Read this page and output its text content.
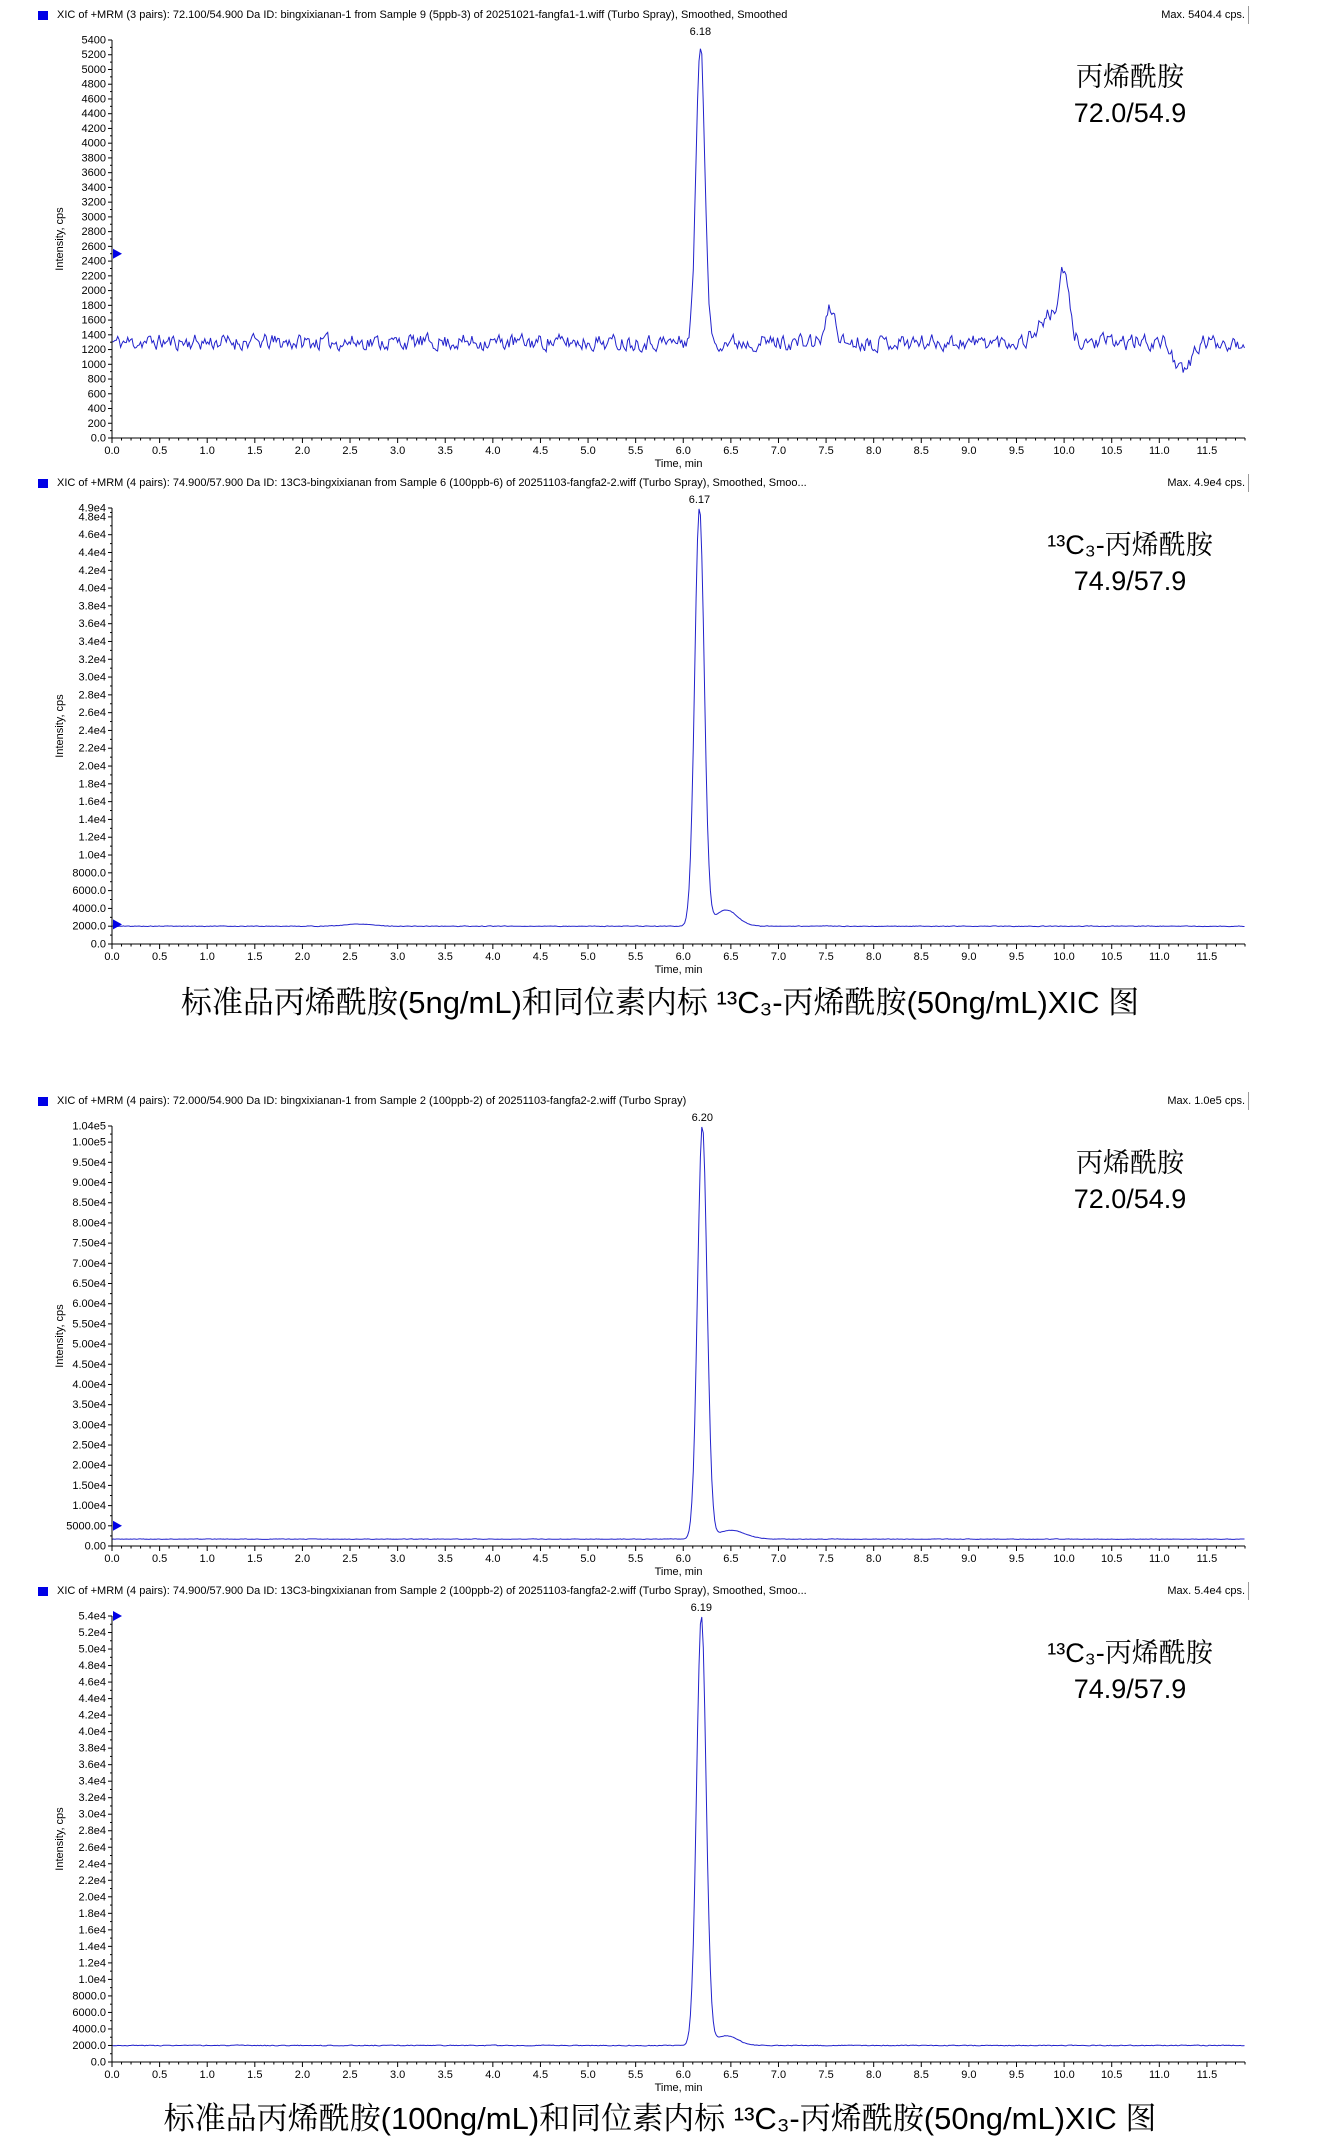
XIC of +MRM (3 pairs): 72.100/54.900 Da ID: bingxixianan-1 from Sample 9 (5ppb-3) of 20251021-fangfa1-1.wiff (Turbo Spray), Smoothed, Smoothed	Max. 5404.4 cps.
5400
5200
5000
4800
4600
4400
4200
4000
3800
3600
3400
3200
3000
2800
2600
2400
2200
2000
1800
1600
1400
1200
1000
800
600
400
200
0.0
0.0	0.5	1.0	1.5	2.0	2.5	3.0	3.5	4.0	4.5	5.0	5.5	6.0	6.5	7.0	7.5	8.0	8.5	9.0	9.5	10.0 10.5 11.0 11.5
Time, min
Intensity, cps
6.18
丙烯酰胺
72.0/54.9
XIC of +MRM (4 pairs): 74.900/57.900 Da ID: 13C3-bingxixianan from Sample 6 (100ppb-6) of 20251103-fangfa2-2.wiff (Turbo Spray), Smoothed, Smoo...	Max. 4.9e4 cps.
4.9e4
4.8e4
4.6e4
4.4e4
4.2e4
4.0e4
3.8e4
3.6e4
3.4e4
3.2e4
3.0e4
2.8e4
2.6e4
2.4e4
2.2e4
2.0e4
1.8e4
1.6e4
1.4e4
1.2e4
1.0e4
8000.0
6000.0
4000.0
2000.0
0.0
0.0	0.5	1.0	1.5	2.0	2.5	3.0	3.5	4.0	4.5	5.0	5.5	6.0	6.5	7.0	7.5	8.0	8.5	9.0	9.5	10.0 10.5 11.0 11.5
Time, min
Intensity, cps
6.17
¹³C₃-丙烯酰胺
74.9/57.9
标准品丙烯酰胺(5ng/mL)和同位素内标 ¹³C₃-丙烯酰胺(50ng/mL)XIC 图
XIC of +MRM (4 pairs): 72.000/54.900 Da ID: bingxixianan-1 from Sample 2 (100ppb-2) of 20251103-fangfa2-2.wiff (Turbo Spray)	Max. 1.0e5 cps.
1.04e5
1.00e5
9.50e4
9.00e4
8.50e4
8.00e4
7.50e4
7.00e4
6.50e4
6.00e4
5.50e4
5.00e4
4.50e4
4.00e4
3.50e4
3.00e4
2.50e4
2.00e4
1.50e4
1.00e4
5000.00
0.00
0.0	0.5	1.0	1.5	2.0	2.5	3.0	3.5	4.0	4.5	5.0	5.5	6.0	6.5	7.0	7.5	8.0	8.5	9.0	9.5	10.0 10.5 11.0 11.5
Time, min
Intensity, cps
6.20
丙烯酰胺
72.0/54.9
XIC of +MRM (4 pairs): 74.900/57.900 Da ID: 13C3-bingxixianan from Sample 2 (100ppb-2) of 20251103-fangfa2-2.wiff (Turbo Spray), Smoothed, Smoo...	Max. 5.4e4 cps.
5.4e4
5.2e4
5.0e4
4.8e4
4.6e4
4.4e4
4.2e4
4.0e4
3.8e4
3.6e4
3.4e4
3.2e4
3.0e4
2.8e4
2.6e4
2.4e4
2.2e4
2.0e4
1.8e4
1.6e4
1.4e4
1.2e4
1.0e4
8000.0
6000.0
4000.0
2000.0
0.0
0.0	0.5	1.0	1.5	2.0	2.5	3.0	3.5	4.0	4.5	5.0	5.5	6.0	6.5	7.0	7.5	8.0	8.5	9.0	9.5	10.0 10.5 11.0 11.5
Time, min
Intensity, cps
6.19
¹³C₃-丙烯酰胺
74.9/57.9
标准品丙烯酰胺(100ng/mL)和同位素内标 ¹³C₃-丙烯酰胺(50ng/mL)XIC 图
